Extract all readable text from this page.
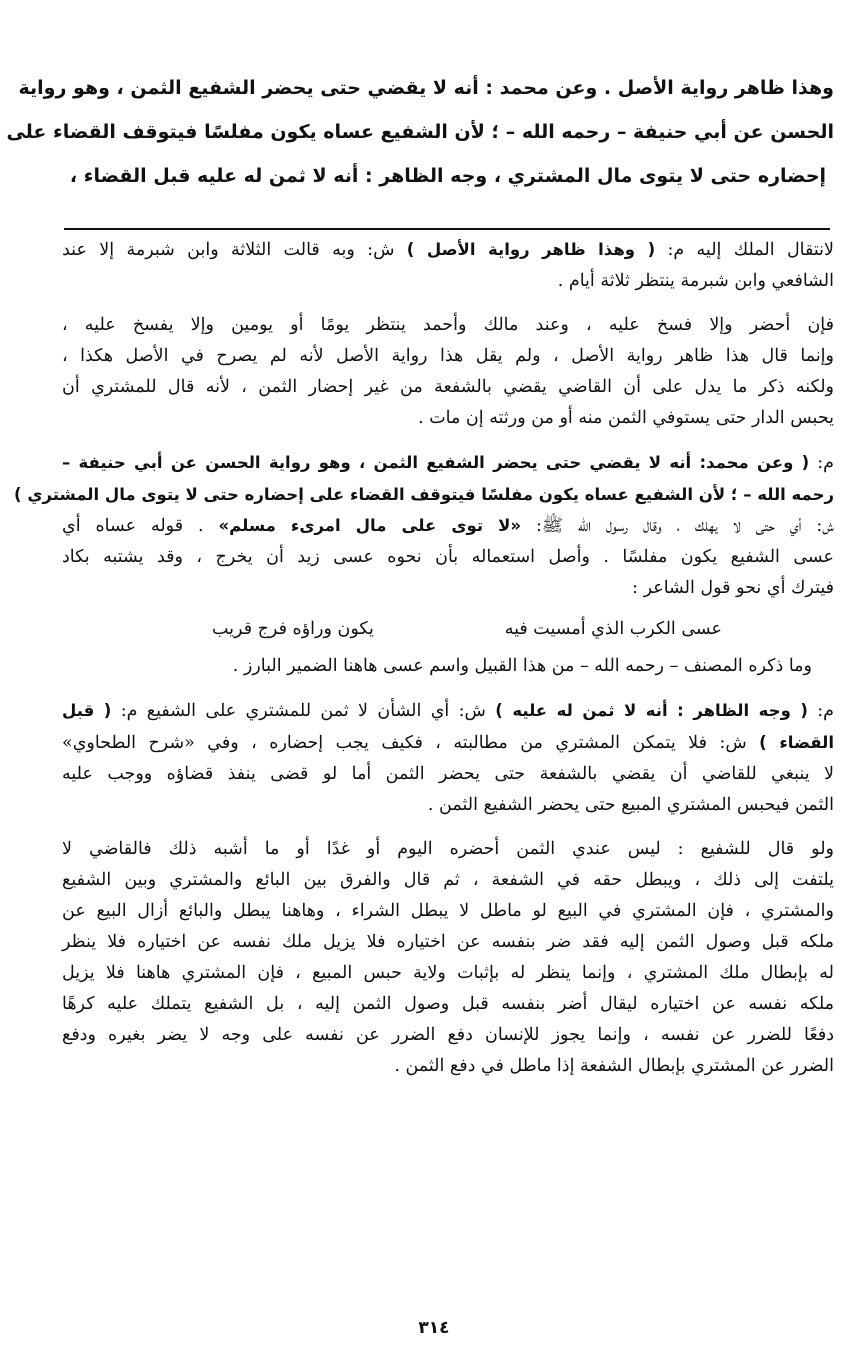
وهذا ظاهر رواية الأصل . وعن محمد : أنه لا يقضي حتى يحضر الشفيع الثمن ، وهو رواية
الحسن عن أبي حنيفة – رحمه الله – ؛ لأن الشفيع عساه يكون مفلسًا فيتوقف القضاء على
إحضاره حتى لا يتوى مال المشتري ، وجه الظاهر : أنه لا ثمن له عليه قبل القضاء ،
لانتقال الملك إليه م: ( وهذا ظاهر رواية الأصل ) ش: وبه قالت الثلاثة وابن شبرمة إلا عند
الشافعي وابن شبرمة ينتظر ثلاثة أيام .
فإن أحضر وإلا فسخ عليه ، وعند مالك وأحمد ينتظر يومًا أو يومين وإلا يفسخ عليه ،
وإنما قال هذا ظاهر رواية الأصل ، ولم يقل هذا رواية الأصل لأنه لم يصرح في الأصل هكذا ،
ولكنه ذكر ما يدل على أن القاضي يقضي بالشفعة من غير إحضار الثمن ، لأنه قال للمشتري أن
يحبس الدار حتى يستوفي الثمن منه أو من ورثته إن مات .
م: ( وعن محمد: أنه لا يقضي حتى يحضر الشفيع الثمن ، وهو رواية الحسن عن أبي حنيفة –
رحمه الله – ؛ لأن الشفيع عساه يكون مفلسًا فيتوقف القضاء على إحضاره حتى لا يتوى مال المشتري )
ش: أي حتى لا يهلك ، وقال رسول الله ﷺ: «لا توى على مال امرىء مسلم» . قوله عساه أي
عسى الشفيع يكون مفلسًا . وأصل استعماله بأن نحوه عسى زيد أن يخرج ، وقد يشتبه بكاد
فيترك أي نحو قول الشاعر :
عسى الكرب الذي أمسيت فيه
يكون وراؤه فرج قريب
وما ذكره المصنف – رحمه الله – من هذا القبيل واسم عسى هاهنا الضمير البارز .
م: ( وجه الظاهر : أنه لا ثمن له عليه ) ش: أي الشأن لا ثمن للمشتري على الشفيع م: ( قبل
القضاء ) ش: فلا يتمكن المشتري من مطالبته ، فكيف يجب إحضاره ، وفي «شرح الطحاوي»
لا ينبغي للقاضي أن يقضي بالشفعة حتى يحضر الثمن أما لو قضى ينفذ قضاؤه ووجب عليه
الثمن فيحبس المشتري المبيع حتى يحضر الشفيع الثمن .
ولو قال للشفيع : ليس عندي الثمن أحضره اليوم أو غدًا أو ما أشبه ذلك فالقاضي لا
يلتفت إلى ذلك ، ويبطل حقه في الشفعة ، ثم قال والفرق بين البائع والمشتري وبين الشفيع
والمشتري ، فإن المشتري في البيع لو ماطل لا يبطل الشراء ، وهاهنا يبطل والبائع أزال البيع عن
ملكه قبل وصول الثمن إليه فقد ضر بنفسه عن اختياره فلا يزيل ملك نفسه عن اختياره فلا ينظر
له بإبطال ملك المشتري ، وإنما ينظر له بإثبات ولاية حبس المبيع ، فإن المشتري هاهنا فلا يزيل
ملكه نفسه عن اختياره ليقال أضر بنفسه قبل وصول الثمن إليه ، بل الشفيع يتملك عليه كرهًا
دفعًا للضرر عن نفسه ، وإنما يجوز للإنسان دفع الضرر عن نفسه على وجه لا يضر بغيره ودفع
الضرر عن المشتري بإبطال الشفعة إذا ماطل في دفع الثمن .
٣١٤
